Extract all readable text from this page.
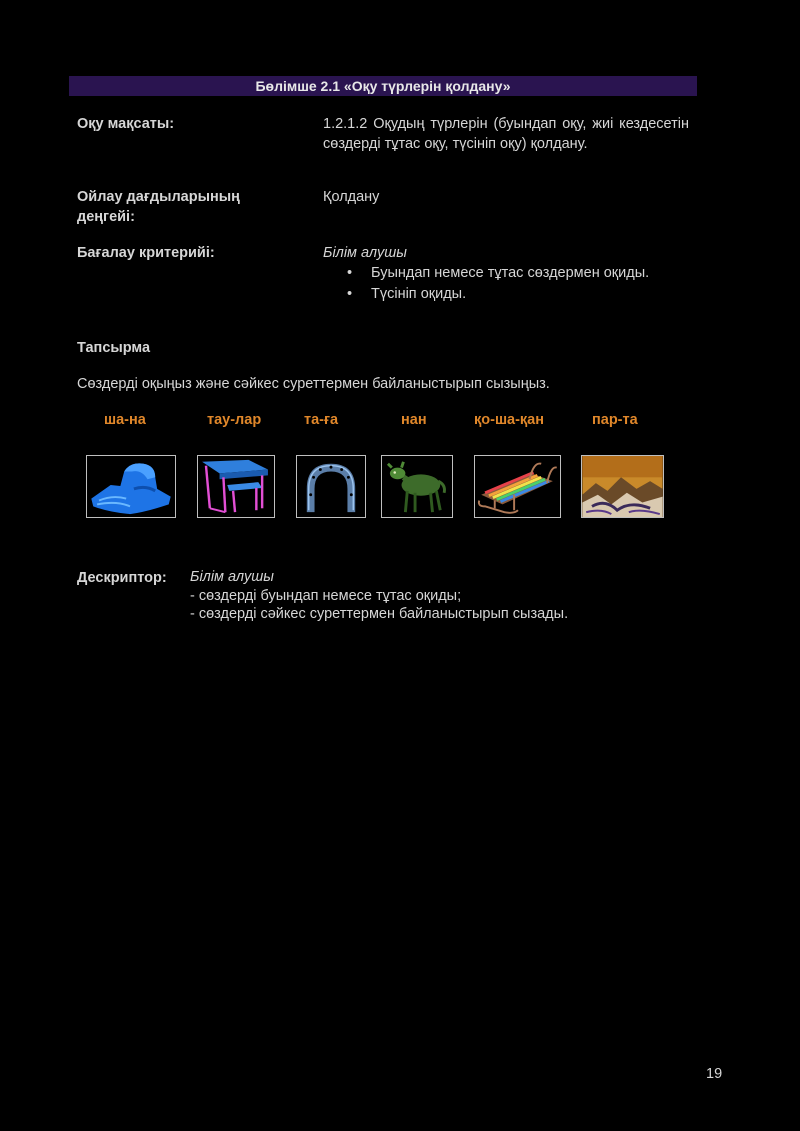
Бөлімше 2.1 «Оқу түрлерін қолдану»
Оқу мақсаты:	1.2.1.2 Оқудың түрлерін (буындап оқу, жиі кездесетін сөздерді тұтас оқу, түсініп оқу) қолдану.
Ойлау дағдыларының
деңгейі:
Қолдану
Бағалау критерийі:	Білім алушы
• Буындап немесе тұтас сөздермен оқиды.
• Түсініп оқиды.
Тапсырма
Сөздерді оқыңыз және сәйкес суреттермен байланыстырып сызыңыз.
ша-на	тау-лар	та-ға	нан	қо-ша-қан	пар-та
Дескриптор: Білім алушы
- сөздерді буындап немесе тұтас оқиды;
- сөздерді сәйкес суреттермен байланыстырып сызады.
19
